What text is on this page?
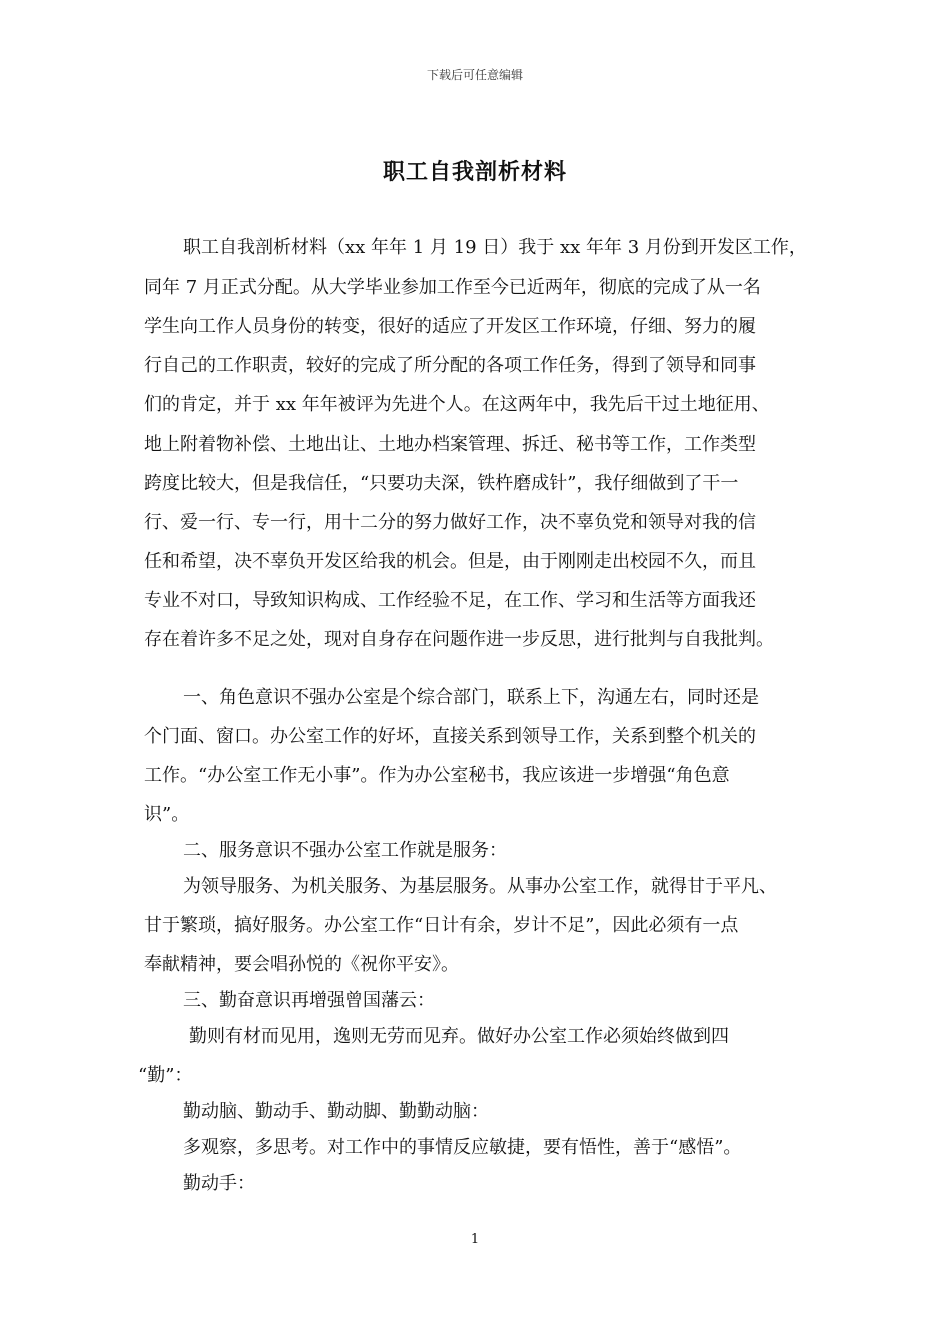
下载后可任意编辑
职工自我剖析材料
职工自我剖析材料（xx 年年 1 月 19 日）我于 xx 年年 3 月份到开发区工作，
同年 7 月正式分配。从大学毕业参加工作至今已近两年，彻底的完成了从一名
学生向工作人员身份的转变，很好的适应了开发区工作环境，仔细、努力的履
行自己的工作职责，较好的完成了所分配的各项工作任务，得到了领导和同事
们的肯定，并于 xx 年年被评为先进个人。在这两年中，我先后干过土地征用、
地上附着物补偿、土地出让、土地办档案管理、拆迁、秘书等工作，工作类型
跨度比较大，但是我信任，“只要功夫深，铁杵磨成针”，我仔细做到了干一
行、爱一行、专一行，用十二分的努力做好工作，决不辜负党和领导对我的信
任和希望，决不辜负开发区给我的机会。但是，由于刚刚走出校园不久，而且
专业不对口，导致知识构成、工作经验不足，在工作、学习和生活等方面我还
存在着许多不足之处，现对自身存在问题作进一步反思，进行批判与自我批判。
一、角色意识不强办公室是个综合部门，联系上下，沟通左右，同时还是
个门面、窗口。办公室工作的好坏，直接关系到领导工作，关系到整个机关的
工作。“办公室工作无小事”。作为办公室秘书，我应该进一步增强“角色意
识”。
二、服务意识不强办公室工作就是服务：
为领导服务、为机关服务、为基层服务。从事办公室工作，就得甘于平凡、
甘于繁琐，搞好服务。办公室工作“日计有余，岁计不足”，因此必须有一点
奉献精神，要会唱孙悦的《祝你平安》。
三、勤奋意识再增强曾国藩云：
勤则有材而见用，逸则无劳而见弃。做好办公室工作必须始终做到四
“勤”：
勤动脑、勤动手、勤动脚、勤勤动脑：
多观察，多思考。对工作中的事情反应敏捷，要有悟性，善于“感悟”。
勤动手：
1
